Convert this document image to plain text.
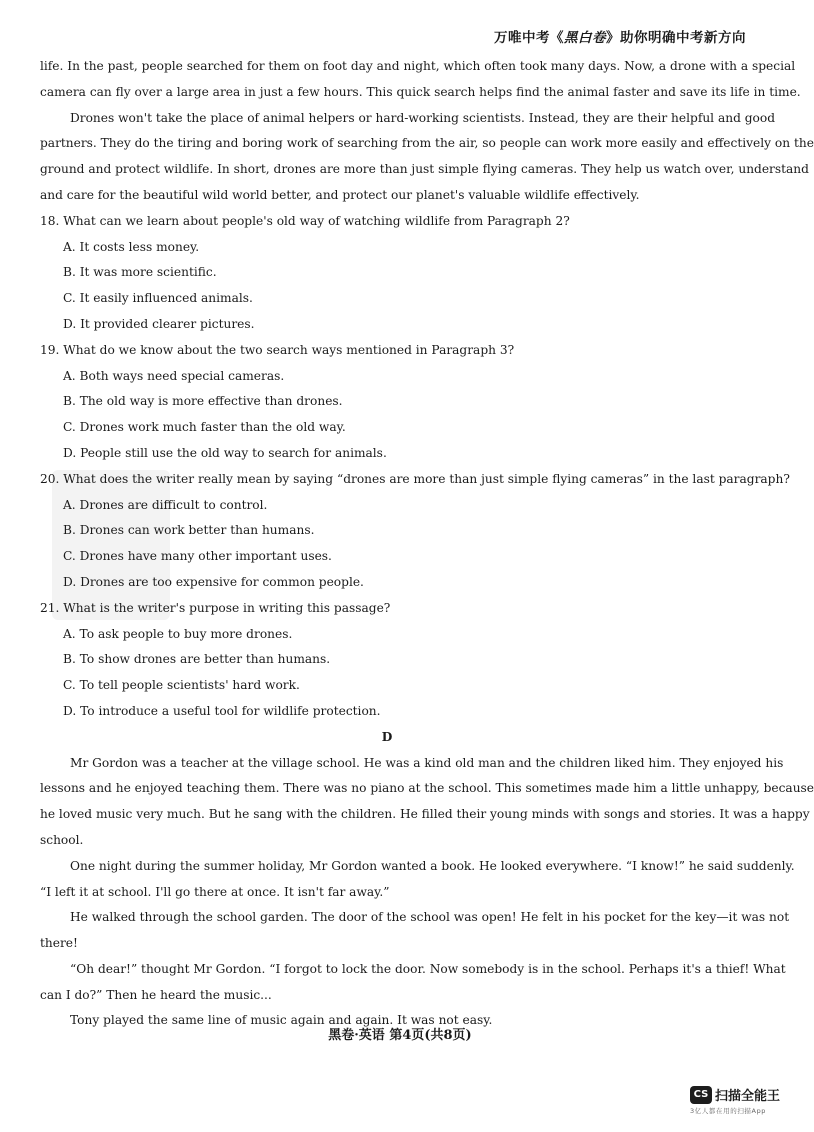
万唯中考《黑白卷》助你明确中考新方向
life. In the past, people searched for them on foot day and night, which often took many days. Now, a drone with a special
camera can fly over a large area in just a few hours. This quick search helps find the animal faster and save its life in time.
Drones won't take the place of animal helpers or hard-working scientists. Instead, they are their helpful and good
partners. They do the tiring and boring work of searching from the air, so people can work more easily and effectively on the
ground and protect wildlife. In short, drones are more than just simple flying cameras. They help us watch over, understand
and care for the beautiful wild world better, and protect our planet's valuable wildlife effectively.
18. What can we learn about people's old way of watching wildlife from Paragraph 2?
A. It costs less money.
B. It was more scientific.
C. It easily influenced animals.
D. It provided clearer pictures.
19. What do we know about the two search ways mentioned in Paragraph 3?
A. Both ways need special cameras.
B. The old way is more effective than drones.
C. Drones work much faster than the old way.
D. People still use the old way to search for animals.
20. What does the writer really mean by saying “drones are more than just simple flying cameras” in the last paragraph?
A. Drones are difficult to control.
B. Drones can work better than humans.
C. Drones have many other important uses.
D. Drones are too expensive for common people.
21. What is the writer's purpose in writing this passage?
A. To ask people to buy more drones.
B. To show drones are better than humans.
C. To tell people scientists' hard work.
D. To introduce a useful tool for wildlife protection.
D
Mr Gordon was a teacher at the village school. He was a kind old man and the children liked him. They enjoyed his
lessons and he enjoyed teaching them. There was no piano at the school. This sometimes made him a little unhappy, because
he loved music very much. But he sang with the children. He filled their young minds with songs and stories. It was a happy
school.
One night during the summer holiday, Mr Gordon wanted a book. He looked everywhere. “I know!” he said suddenly.
“I left it at school. I'll go there at once. It isn't far away.”
He walked through the school garden. The door of the school was open! He felt in his pocket for the key—it was not
there!
“Oh dear!” thought Mr Gordon. “I forgot to lock the door. Now somebody is in the school. Perhaps it's a thief! What
can I do?” Then he heard the music...
Tony played the same line of music again and again. It was not easy.
黑卷·英语 第4页(共8页)
CS 扫描全能王
3亿人都在用的扫描App
